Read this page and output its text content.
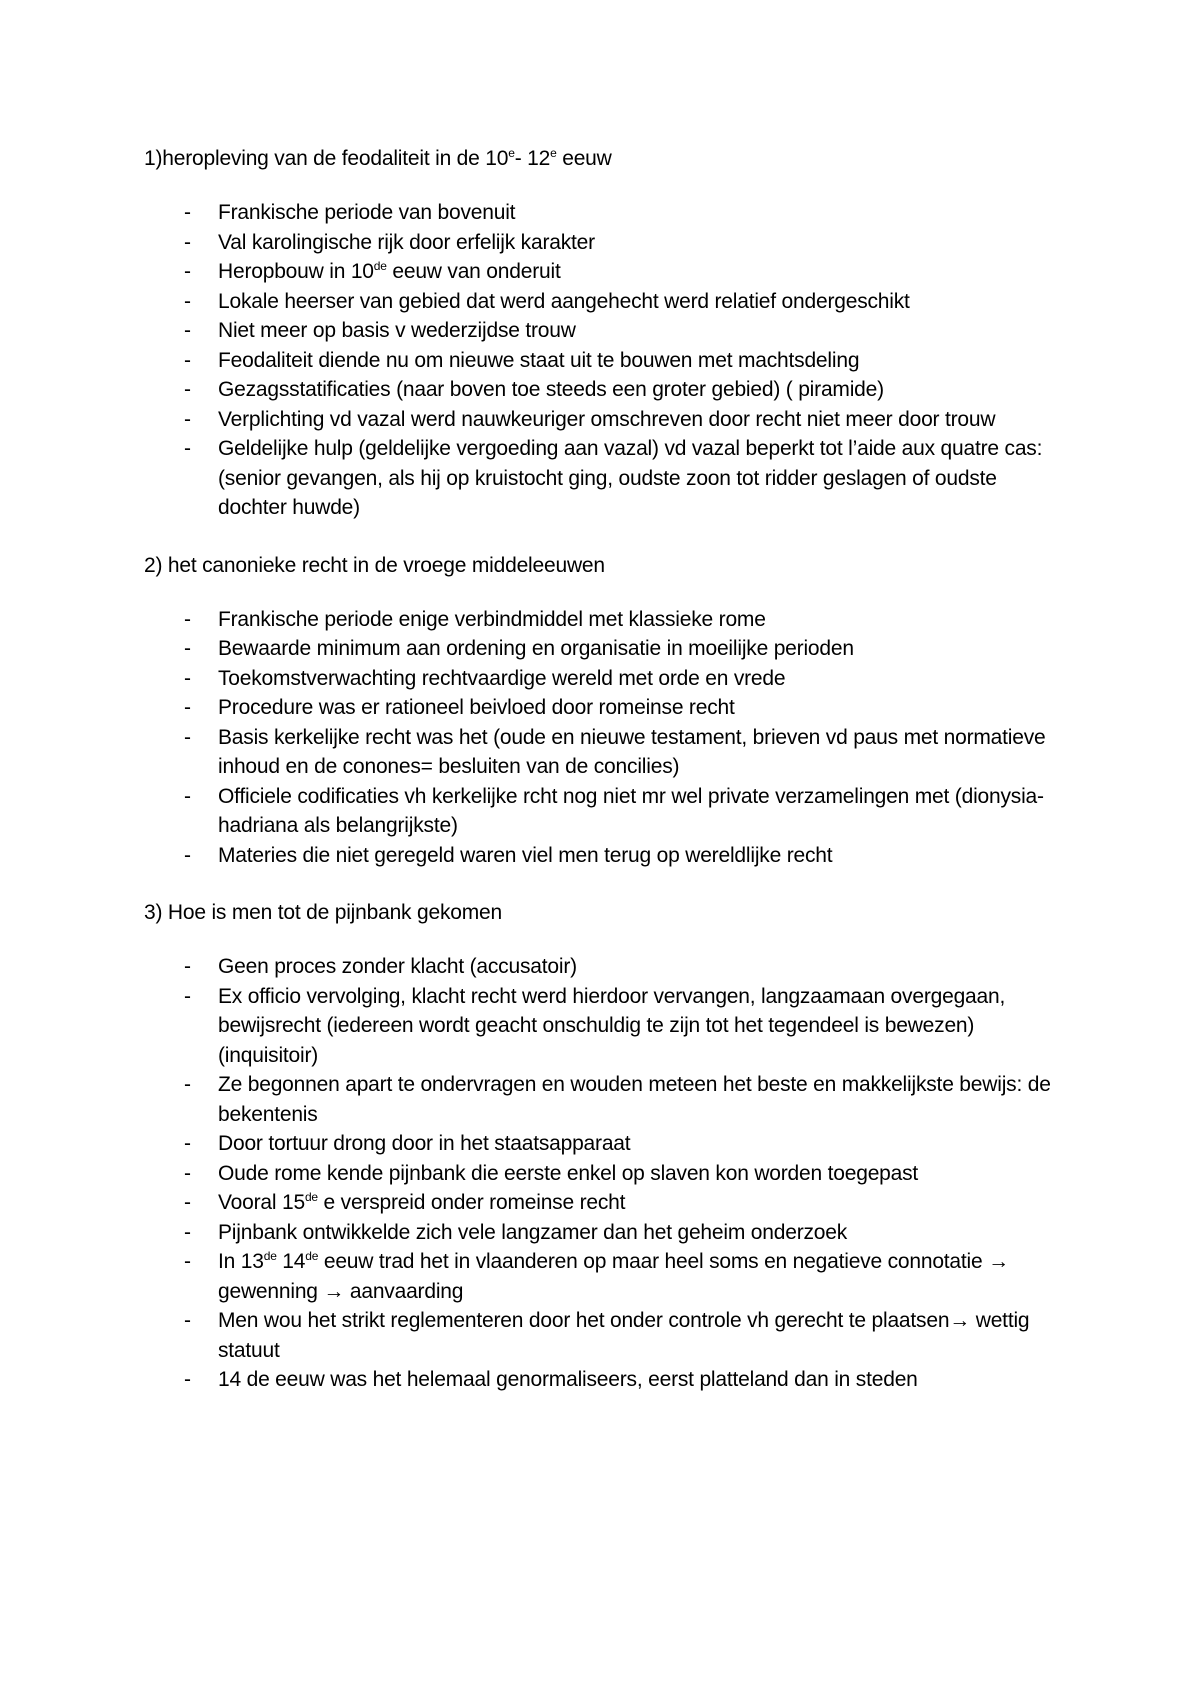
1)heropleving van de feodaliteit in de 10e- 12e eeuw
- Frankische periode van bovenuit
- Val karolingische rijk door erfelijk karakter
- Heropbouw in 10de eeuw van onderuit
- Lokale heerser van gebied dat werd aangehecht werd relatief ondergeschikt
- Niet meer op basis v wederzijdse trouw
- Feodaliteit diende nu om nieuwe staat uit te bouwen met machtsdeling
- Gezagsstatificaties (naar boven toe steeds een groter gebied) ( piramide)
- Verplichting vd vazal werd nauwkeuriger omschreven door recht niet meer door trouw
- Geldelijke hulp (geldelijke vergoeding aan vazal) vd vazal beperkt tot l’aide aux quatre cas: (senior gevangen, als hij op kruistocht ging, oudste zoon tot ridder geslagen of oudste dochter huwde)
2) het canonieke recht in de vroege middeleeuwen
- Frankische periode enige verbindmiddel met klassieke rome
- Bewaarde minimum aan ordening en organisatie in moeilijke perioden
- Toekomstverwachting rechtvaardige wereld met orde en vrede
- Procedure was er rationeel beivloed door romeinse recht
- Basis kerkelijke recht was het (oude en nieuwe testament, brieven vd paus met normatieve inhoud en de conones= besluiten van de concilies)
- Officiele codificaties vh kerkelijke rcht nog niet mr wel private verzamelingen met (dionysia-hadriana als belangrijkste)
- Materies die niet geregeld waren viel men terug op wereldlijke recht
3) Hoe is men tot de pijnbank gekomen
- Geen proces zonder klacht (accusatoir)
- Ex officio vervolging, klacht recht werd hierdoor vervangen, langzaamaan overgegaan, bewijsrecht (iedereen wordt geacht onschuldig te zijn tot het tegendeel is bewezen) (inquisitoir)
- Ze begonnen apart te ondervragen en wouden meteen het beste en makkelijkste bewijs: de bekentenis
- Door tortuur drong door in het staatsapparaat
- Oude rome kende pijnbank die eerste enkel op slaven kon worden toegepast
- Vooral 15de e verspreid onder romeinse recht
- Pijnbank ontwikkelde zich vele langzamer dan het geheim onderzoek
- In 13de 14de eeuw trad het in vlaanderen op maar heel soms en negatieve connotatie → gewenning → aanvaarding
- Men wou het strikt reglementeren door het onder controle vh gerecht te plaatsen→ wettig statuut
- 14 de eeuw was het helemaal genormaliseers, eerst platteland dan in steden
